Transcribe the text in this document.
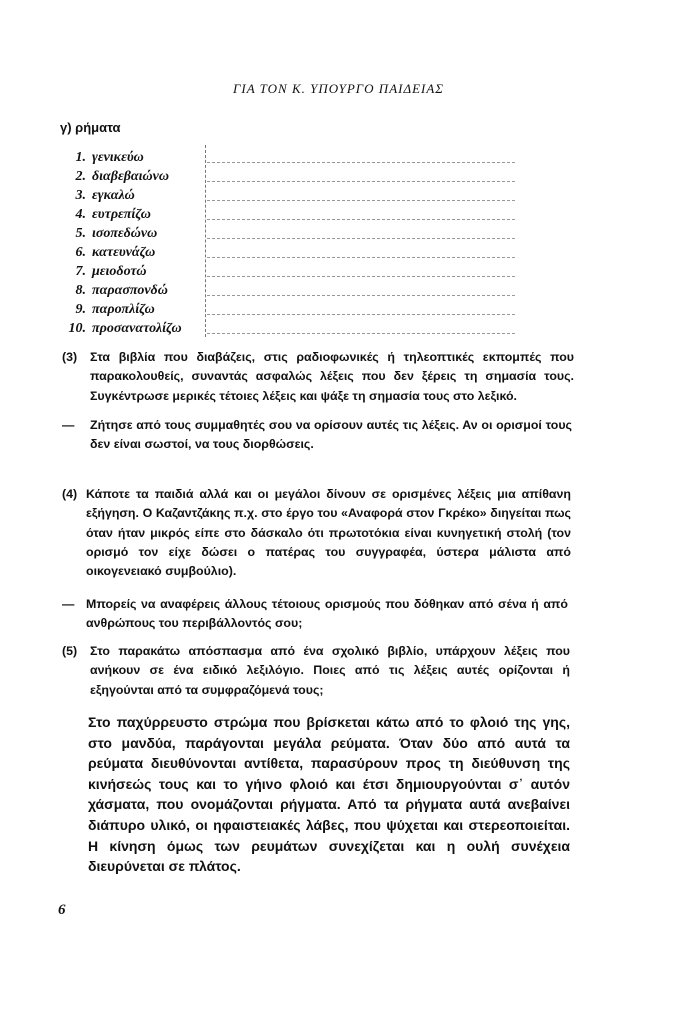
ΓΙΑ ΤΟΝ Κ. ΥΠΟΥΡΓΟ ΠΑΙΔΕΙΑΣ
γ) ρήματα
1. γενικεύω
2. διαβεβαιώνω
3. εγκαλώ
4. ευτρεπίζω
5. ισοπεδώνω
6. κατευνάζω
7. μειοδοτώ
8. παρασπονδώ
9. παροπλίζω
10. προσανατολίζω
(3) Στα βιβλία που διαβάζεις, στις ραδιοφωνικές ή τηλεοπτικές εκπομπές που παρακολουθείς, συναντάς ασφαλώς λέξεις που δεν ξέρεις τη σημασία τους. Συγκέντρωσε μερικές τέτοιες λέξεις και ψάξε τη σημασία τους στο λεξικό.
— Ζήτησε από τους συμμαθητές σου να ορίσουν αυτές τις λέξεις. Αν οι ορισμοί τους δεν είναι σωστοί, να τους διορθώσεις.
(4) Κάποτε τα παιδιά αλλά και οι μεγάλοι δίνουν σε ορισμένες λέξεις μια απίθανη εξήγηση. Ο Καζαντζάκης π.χ. στο έργο του «Αναφορά στον Γκρέκο» διηγείται πως όταν ήταν μικρός είπε στο δάσκαλο ότι πρωτοτόκια είναι κυνηγετική στολή (τον ορισμό τον είχε δώσει ο πατέρας του συγγραφέα, ύστερα μάλιστα από οικογενειακό συμβούλιο).
— Μπορείς να αναφέρεις άλλους τέτοιους ορισμούς που δόθηκαν από σένα ή από ανθρώπους του περιβάλλοντός σου;
(5) Στο παρακάτω απόσπασμα από ένα σχολικό βιβλίο, υπάρχουν λέξεις που ανήκουν σε ένα ειδικό λεξιλόγιο. Ποιες από τις λέξεις αυτές ορίζονται ή εξηγούνται από τα συμφραζόμενά τους;
Στο παχύρρευστο στρώμα που βρίσκεται κάτω από το φλοιό της γης, στο μανδύα, παράγονται μεγάλα ρεύματα. Όταν δύο από αυτά τα ρεύματα διευθύνονται αντίθετα, παρασύρουν προς τη διεύθυνση της κινήσεώς τους και το γήινο φλοιό και έτσι δημιουργούνται σ᾽ αυτόν χάσματα, που ονομάζονται ρήγματα. Από τα ρήγματα αυτά ανεβαίνει διάπυρο υλικό, οι ηφαιστειακές λάβες, που ψύχεται και στερεοποιείται. Η κίνηση όμως των ρευμάτων συνεχίζεται και η ουλή συνέχεια διευρύνεται σε πλάτος.
6
